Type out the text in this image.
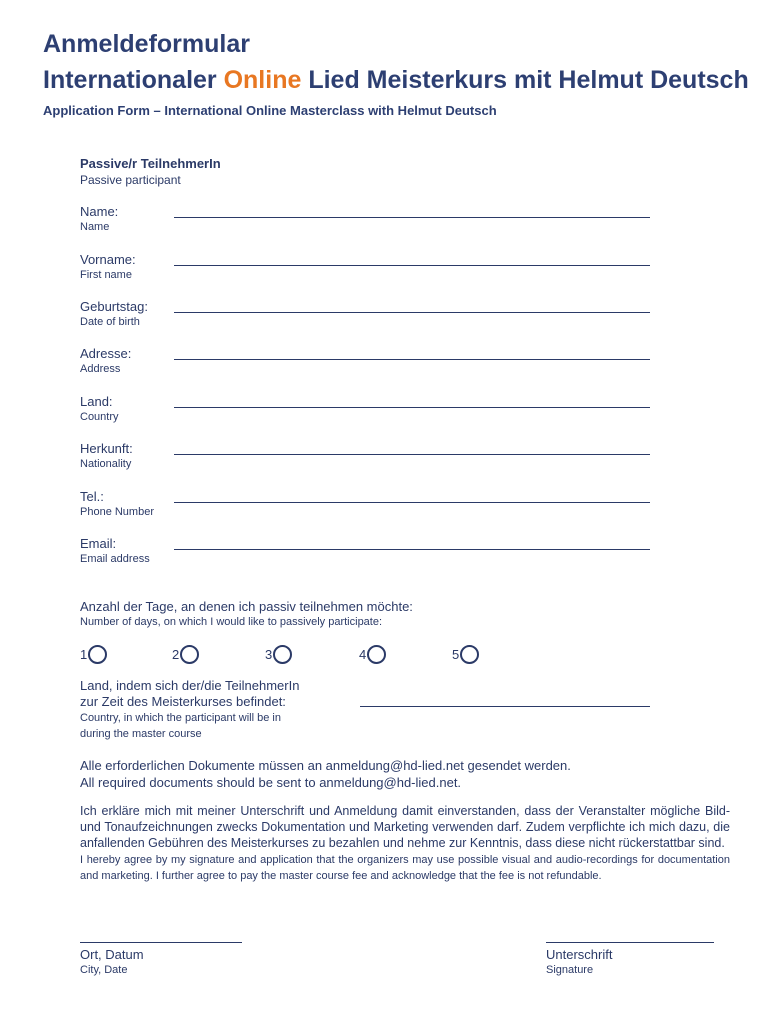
Anmeldeformular
Internationaler Online Lied Meisterkurs mit Helmut Deutsch
Application Form – International Online Masterclass with Helmut Deutsch
Passive/r TeilnehmerIn
Passive participant
Name:
Name
Vorname:
First name
Geburtstag:
Date of birth
Adresse:
Address
Land:
Country
Herkunft:
Nationality
Tel.:
Phone Number
Email:
Email address
Anzahl der Tage, an denen ich passiv teilnehmen möchte:
Number of days, on which I would like to passively participate:
1	2	3	4	5
Land, indem sich der/die TeilnehmerIn
zur Zeit des Meisterkurses befindet:
Country, in which the participant will be in
during the master course
Alle erforderlichen Dokumente müssen an anmeldung@hd-lied.net gesendet werden.
All required documents should be sent to anmeldung@hd-lied.net.
Ich erkläre mich mit meiner Unterschrift und Anmeldung damit einverstanden, dass der Veranstalter mögliche Bild- und Tonaufzeichnungen zwecks Dokumentation und Marketing verwenden darf. Zudem verpflichte ich mich dazu, die anfallenden Gebühren des Meisterkurses zu bezahlen und nehme zur Kenntnis, dass diese nicht rückerstattbar sind.
I hereby agree by my signature and application that the organizers may use possible visual and audio-recordings for documentation and marketing. I further agree to pay the master course fee and acknowledge that the fee is not refundable.
Ort, Datum
City, Date
Unterschrift
Signature
